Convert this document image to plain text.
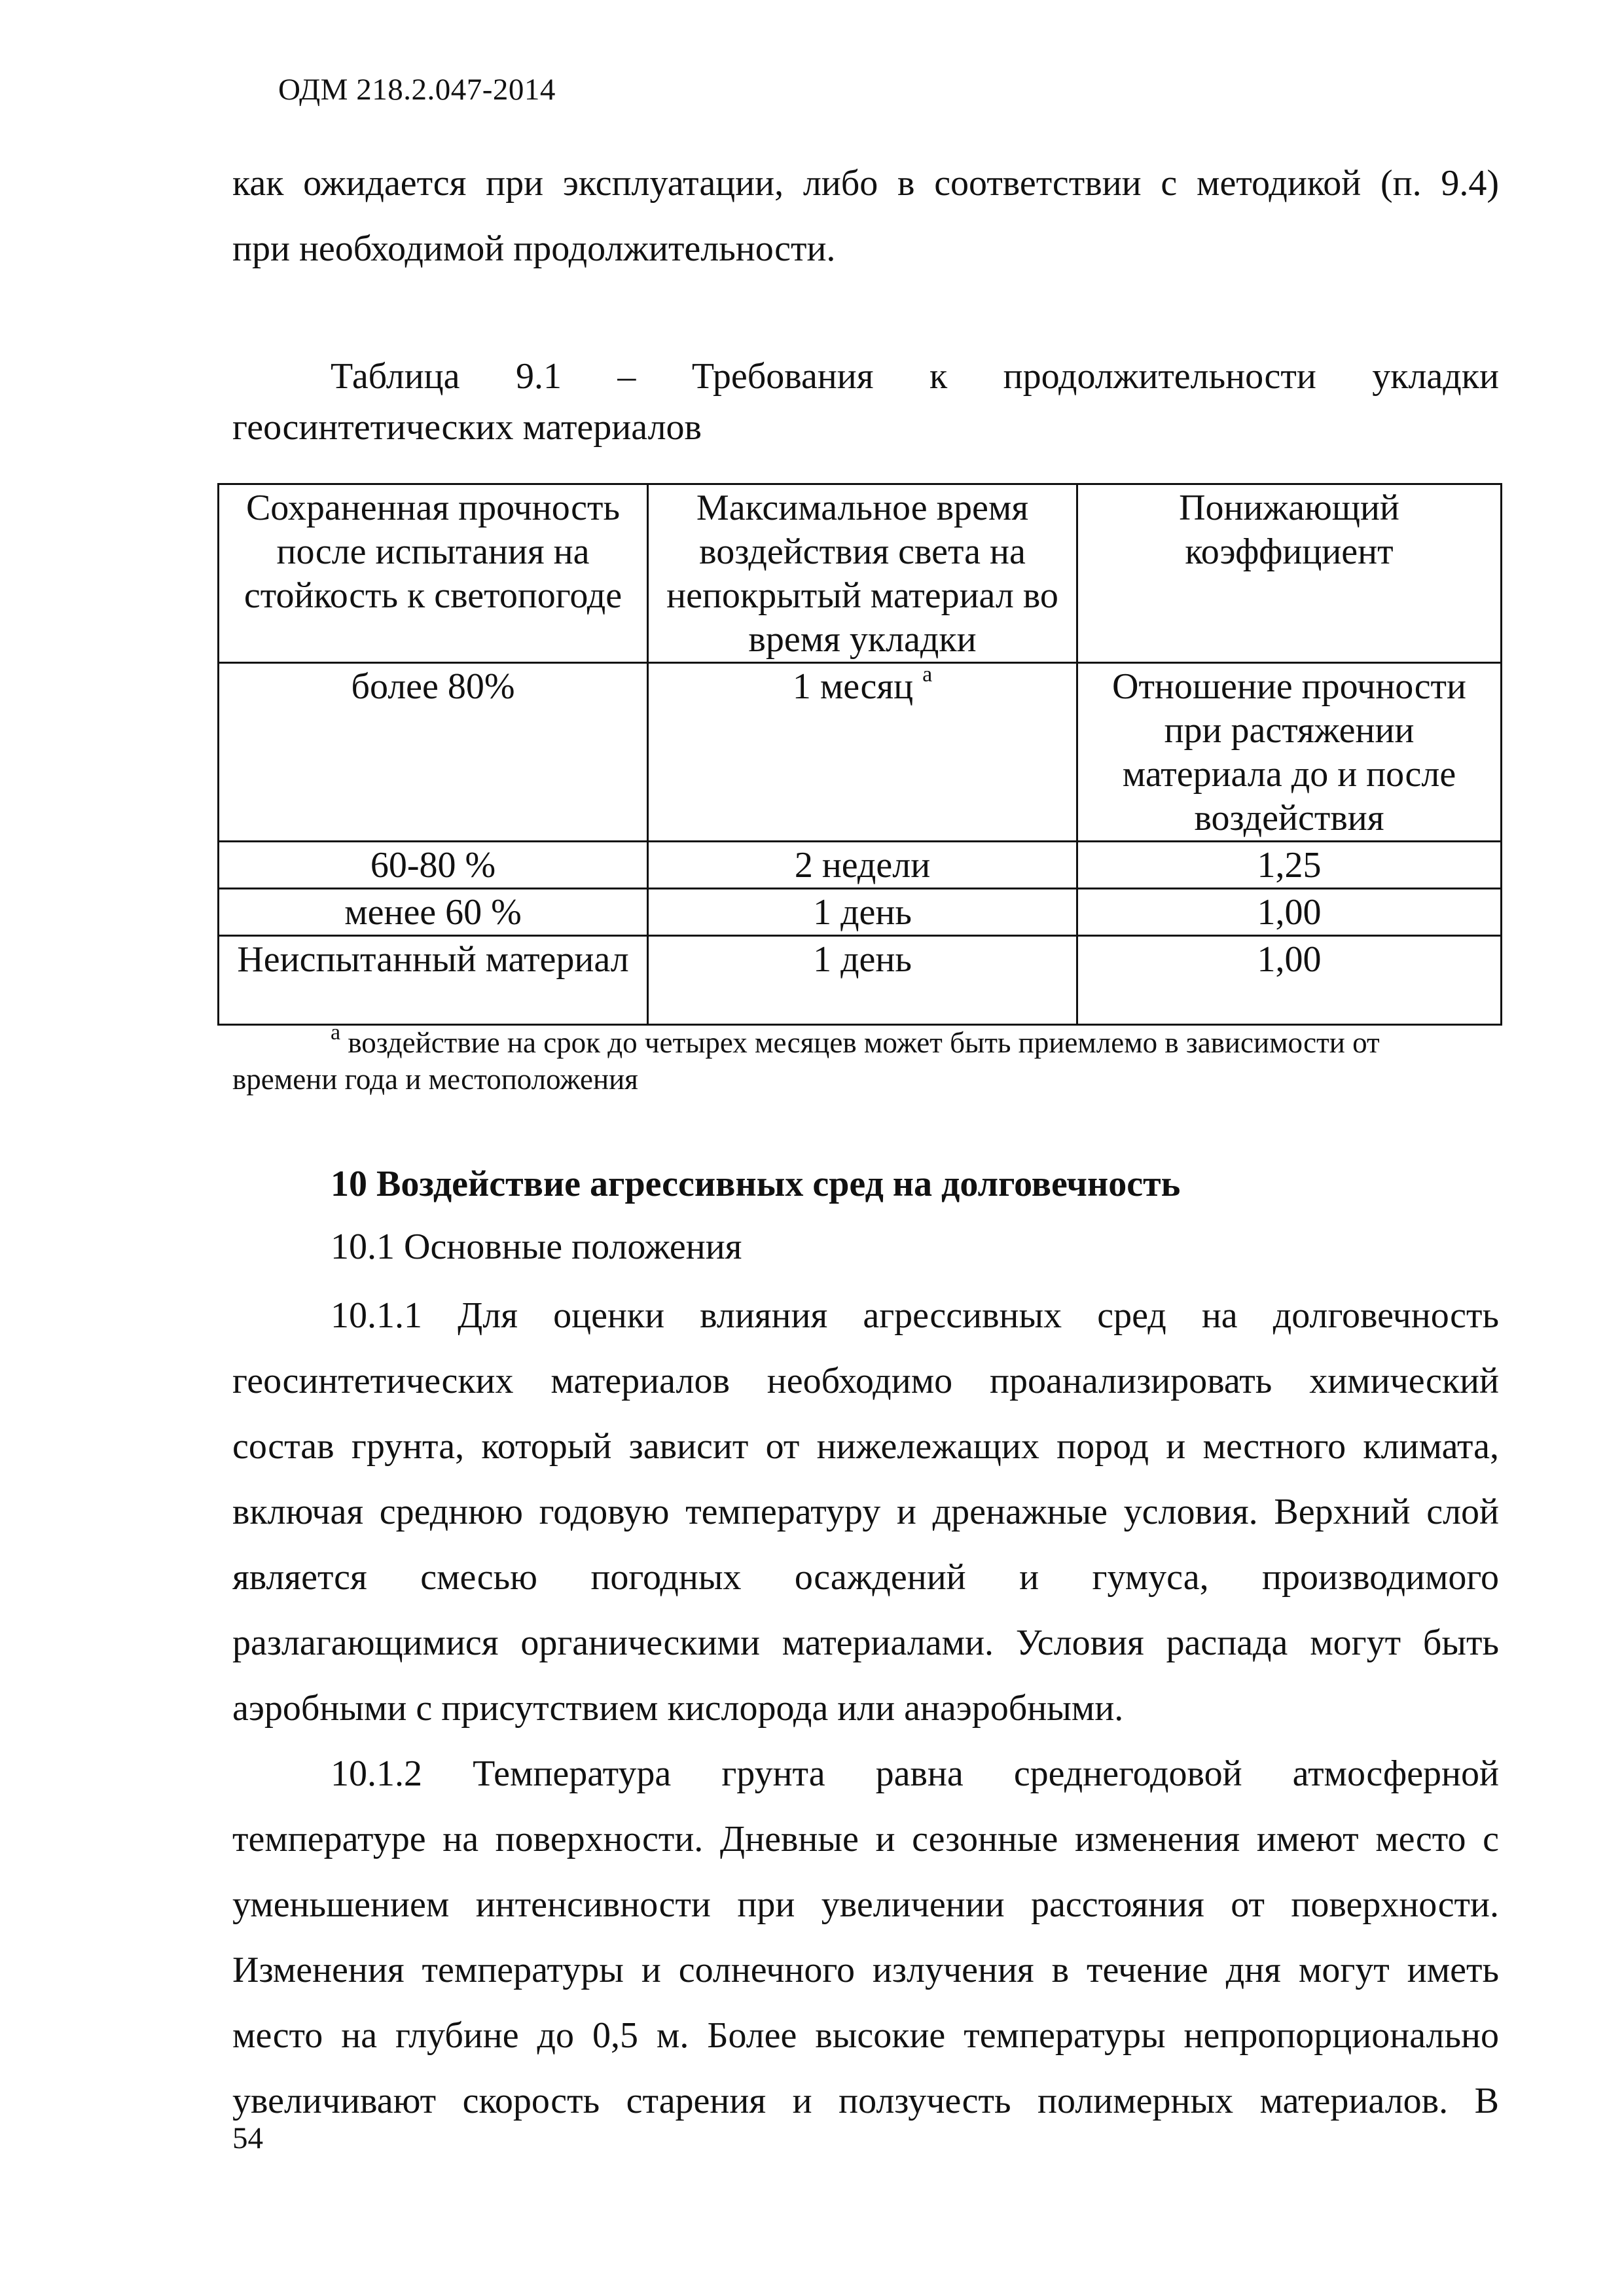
ОДМ 218.2.047-2014
как ожидается при эксплуатации, либо в соответствии с методикой (п. 9.4)
при необходимой продолжительности.
Таблица 9.1 – Требования к продолжительности укладки
геосинтетических материалов
Сохраненная прочность после испытания на стойкость к светопогоде	Максимальное время воздействия света на непокрытый материал во время укладки	Понижающий коэффициент
более 80%	1 месяц $^а$	Отношение прочности при растяжении материала до и после воздействия
60-80 %	2 недели	1,25
менее 60 %	1 день	1,00
Неиспытанный материал	1 день	1,00
$^а$ воздействие на срок до четырех месяцев может быть приемлемо в зависимости от
времени года и местоположения
10 Воздействие агрессивных сред на долговечность
10.1 Основные положения
10.1.1 Для оценки влияния агрессивных сред на долговечность
геосинтетических материалов необходимо проанализировать химический
состав грунта, который зависит от нижележащих пород и местного климата,
включая среднюю годовую температуру и дренажные условия. Верхний слой
является смесью погодных осаждений и гумуса, производимого
разлагающимися органическими материалами. Условия распада могут быть
аэробными с присутствием кислорода или анаэробными.
10.1.2 Температура грунта равна среднегодовой атмосферной
температуре на поверхности. Дневные и сезонные изменения имеют место с
уменьшением интенсивности при увеличении расстояния от поверхности.
Изменения температуры и солнечного излучения в течение дня могут иметь
место на глубине до 0,5 м. Более высокие температуры непропорционально
увеличивают скорость старения и ползучесть полимерных материалов. В
54
